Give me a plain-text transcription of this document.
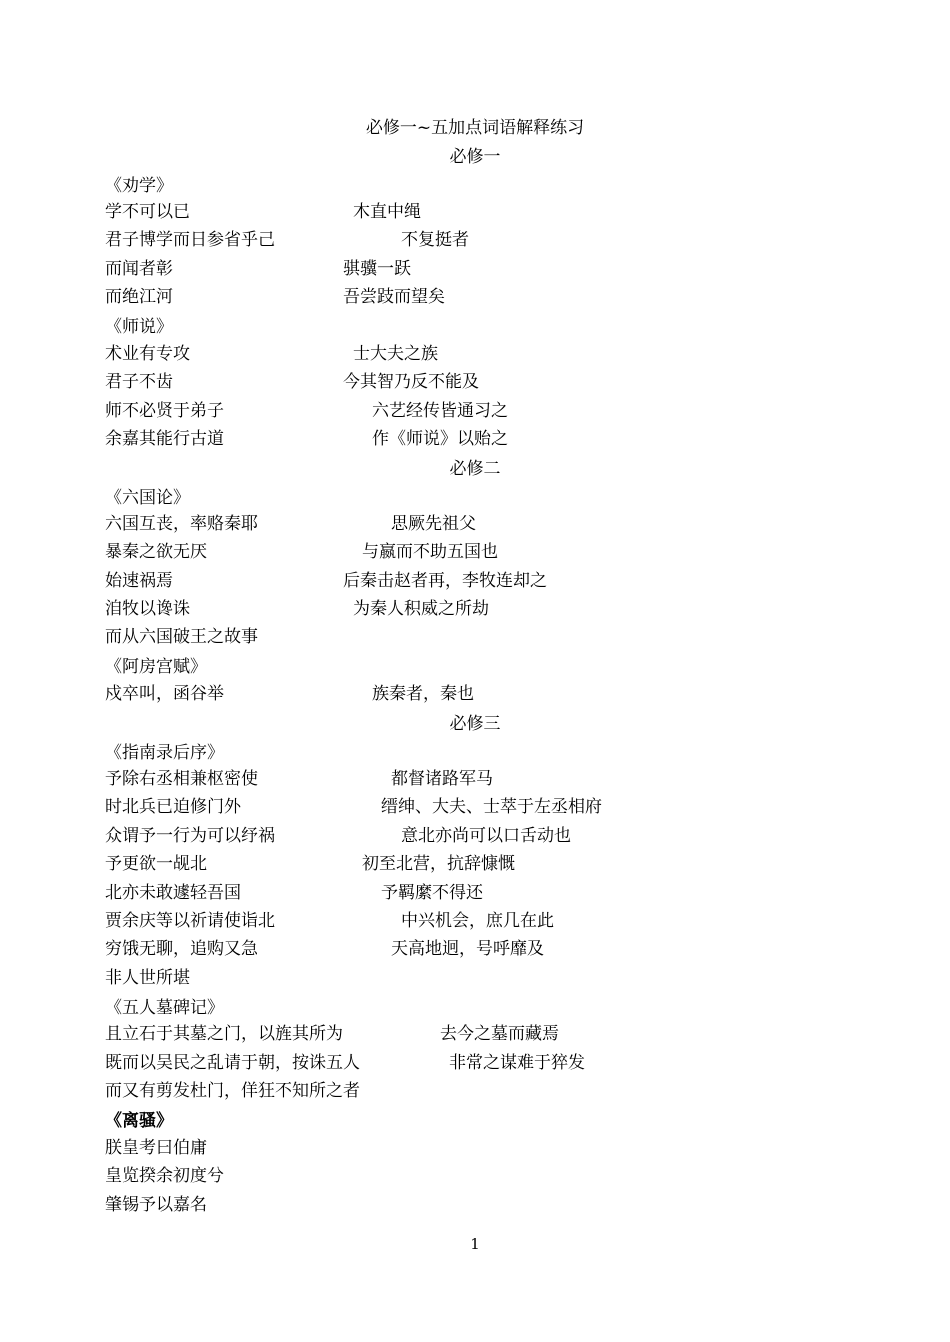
必修一~五加点词语解释练习
必修一
《劝学》
学不可以已	木直中绳
君子博学而日参省乎己	不复挺者
而闻者彰	骐骥一跃
而绝江河	吾尝跂而望矣
《师说》
术业有专攻	士大夫之族
君子不齿	今其智乃反不能及
师不必贤于弟子	六艺经传皆通习之
余嘉其能行古道	作《师说》以贻之
必修二
《六国论》
六国互丧，率赂秦耶	思厥先祖父
暴秦之欲无厌	与嬴而不助五国也
始速祸焉	后秦击赵者再，李牧连却之
洎牧以谗诛	为秦人积威之所劫
而从六国破王之故事
《阿房宫赋》
戍卒叫，函谷举	族秦者，秦也
必修三
《指南录后序》
予除右丞相兼枢密使	都督诸路军马
时北兵已迫修门外	缙绅、大夫、士萃于左丞相府
众谓予一行为可以纾祸	意北亦尚可以口舌动也
予更欲一觇北	初至北营，抗辞慷慨
北亦未敢遽轻吾国	予羁縻不得还
贾余庆等以祈请使诣北	中兴机会，庶几在此
穷饿无聊，追购又急	天高地迥，号呼靡及
非人世所堪
《五人墓碑记》
且立石于其墓之门，以旌其所为	去今之墓而藏焉
既而以吴民之乱请于朝，按诛五人	非常之谋难于猝发
而又有剪发杜门，佯狂不知所之者
《离骚》
朕皇考曰伯庸
皇览揆余初度兮
肇锡予以嘉名
1
